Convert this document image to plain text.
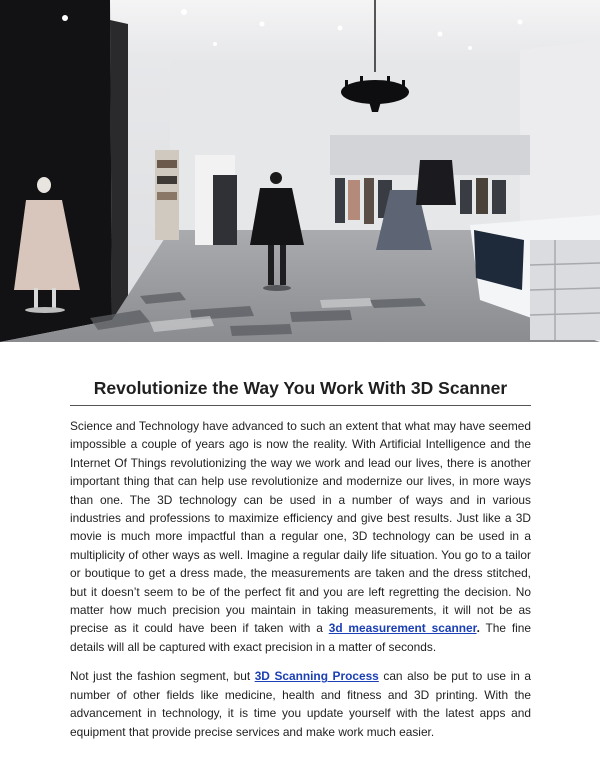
Revolutionize the Way You Work With 3D Scanner

Science and Technology have advanced to such an extent that what may have seemed impossible a couple of years ago is now the reality. With Artificial Intelligence and the Internet Of Things revolutionizing the way we work and lead our lives, there is another important thing that can help use revolutionize and modernize our lives, in more ways than one. The 3D technology can be used in a number of ways and in various industries and professions to maximize efficiency and give best results. Just like a 3D movie is much more impactful than a regular one, 3D technology can be used in a multiplicity of other ways as well. Imagine a regular daily life situation. You go to a tailor or boutique to get a dress made, the measurements are taken and the dress stitched, but it doesn’t seem to be of the perfect fit and you are left regretting the decision. No matter how much precision you maintain in taking measurements, it will not be as precise as it could have been if taken with a 3d measurement scanner. The fine details will all be captured with exact precision in a matter of seconds.

Not just the fashion segment, but 3D Scanning Process can also be put to use in a number of other fields like medicine, health and fitness and 3D printing. With the advancement in technology, it is time you update yourself with the latest apps and equipment that provide precise services and make work much easier.
